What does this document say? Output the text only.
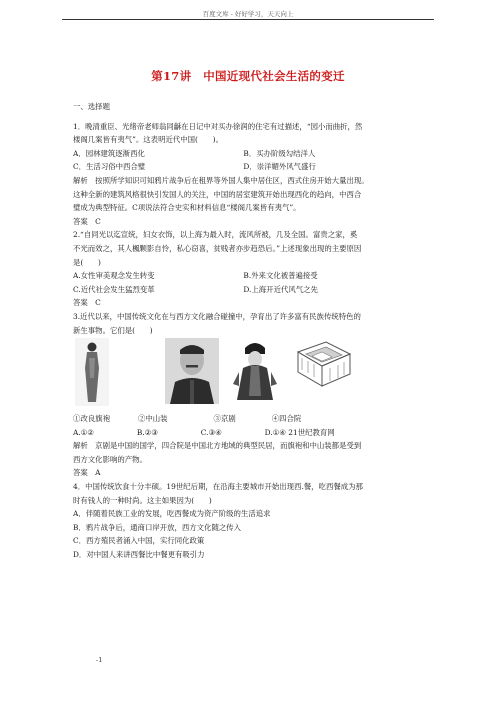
百度文库 - 好好学习，天天向上
第17讲　中国近现代社会生活的变迁

一、选择题

1．晚清重臣、光绪帝老师翁同龢在日记中对买办徐润的住宅有过描述，“园小而曲折，然

楼阁几案皆有夷气”。这表明近代中国(　　)。

A．园林建筑逐渐西化	B．买办阶级勾结洋人
C．生活习俗中西合璧	D．崇洋媚外风气盛行

解析　按照所学知识可知鸦片战争后在租界等外国人集中居住区，西式住房开始大量出现。

这种全新的建筑风格很快引发国人的关注，中国的居室建筑开始出现西化的趋向，中西合

璧成为典型特征。C项说法符合史实和材料信息“楼阁几案皆有夷气”。

答案　C

2.“自同光以迄宣统，妇女衣饰，以上海为最入时，流风所被，几及全国。富贵之家，奚

不光而效之，其人楓颗影自怜，私心窃喜，贫贱者亦步趋恐后。”上述现象出现的主要原因

是(　　)

A.女性审美观念发生转变	B.外来文化被普遍接受
C.近代社会发生猛烈变革	D.上海开近代风气之先

答案　C

3.近代以来，中国传统文化在与西方文化融合碰撞中，孕育出了许多富有民族传统特色的

新生事物。它们是(　　)

①改良旗袍	②中山装	③京剧	④四合院
A.①②	B.②③	C.③④	D.①④ 21世纪教育网

解析　京剧是中国的国学，四合院是中国北方地域的典型民居，而旗袍和中山装都是受到

西方文化影响的产物。

答案　A

4．中国传统饮食十分丰硕。19世纪后期，在沿海主要城市开始出现西.餐，吃西餐成为那

时有钱人的一种时尚。这主如果因为(　　)

A．伴随着民族工业的发展，吃西餐成为资产阶级的生活追求

B．鸦片战争后，通商口岸开放，西方文化随之传入

C．西方殖民者涌入中国，实行同化政策

D．对中国人来讲西餐比中餐更有吸引力

-1
